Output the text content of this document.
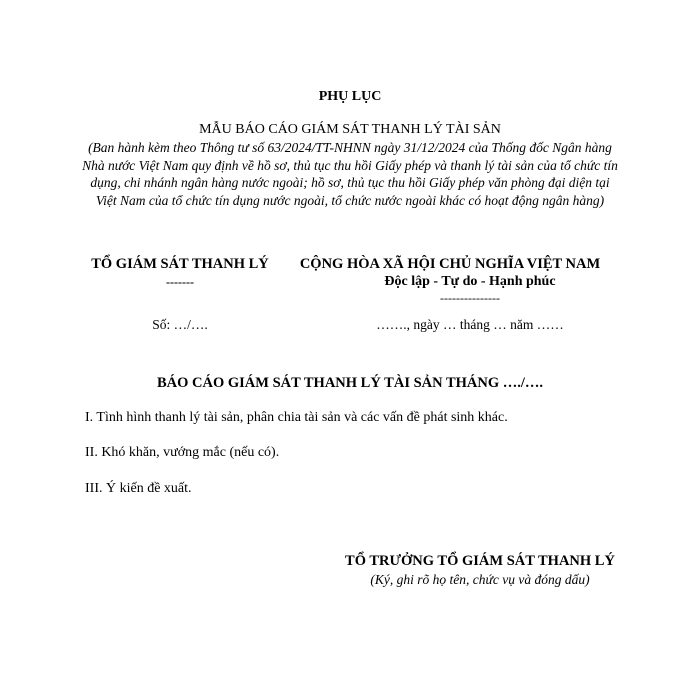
PHỤ LỤC
MẪU BÁO CÁO GIÁM SÁT THANH LÝ TÀI SẢN
(Ban hành kèm theo Thông tư số 63/2024/TT-NHNN ngày 31/12/2024 của Thống đốc Ngân hàng Nhà nước Việt Nam quy định về hồ sơ, thủ tục thu hồi Giấy phép và thanh lý tài sản của tổ chức tín dụng, chi nhánh ngân hàng nước ngoài; hồ sơ, thủ tục thu hồi Giấy phép văn phòng đại diện tại Việt Nam của tổ chức tín dụng nước ngoài, tổ chức nước ngoài khác có hoạt động ngân hàng)
TỔ GIÁM SÁT THANH LÝ
-------
CỘNG HÒA XÃ HỘI CHỦ NGHĨA VIỆT NAM
Độc lập - Tự do - Hạnh phúc
---------------
Số: …/….	……., ngày … tháng … năm ……
BÁO CÁO GIÁM SÁT THANH LÝ TÀI SẢN THÁNG …./….
I. Tình hình thanh lý tài sản, phân chia tài sản và các vấn đề phát sinh khác.
II. Khó khăn, vướng mắc (nếu có).
III. Ý kiến đề xuất.
TỔ TRƯỞNG TỔ GIÁM SÁT THANH LÝ
(Ký, ghi rõ họ tên, chức vụ và đóng dấu)
